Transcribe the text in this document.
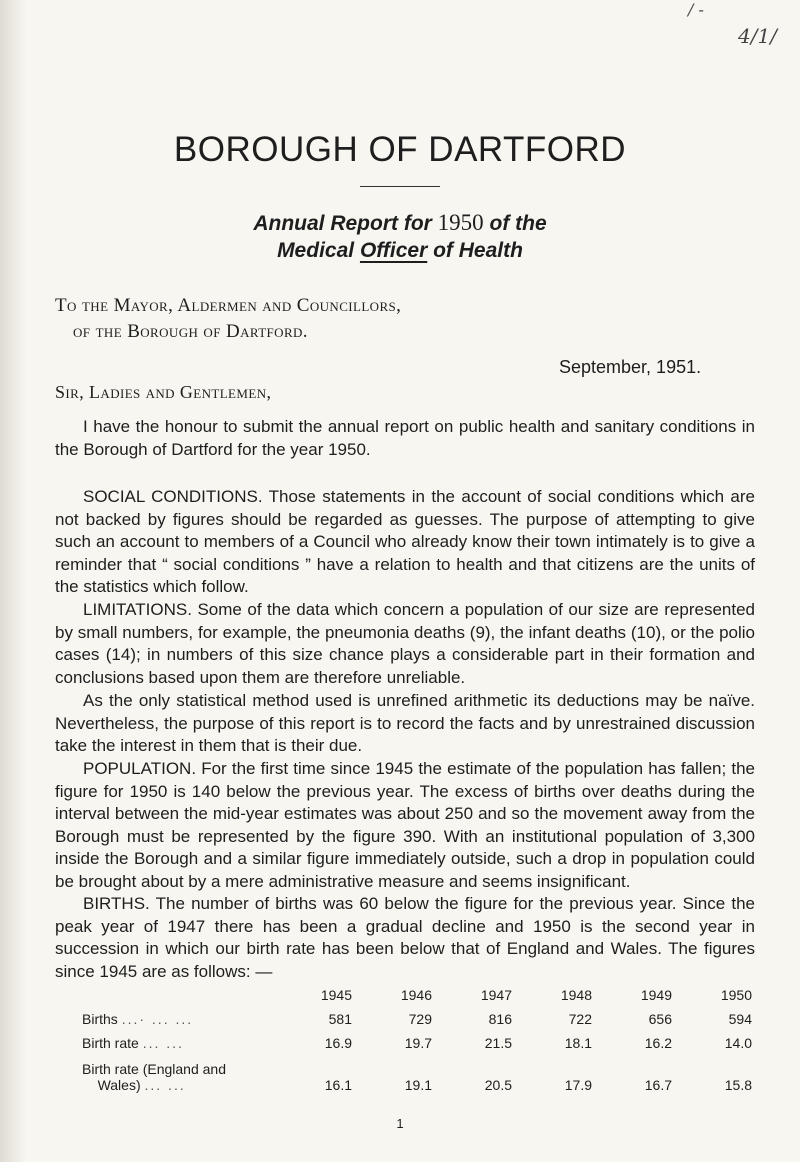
/ -
4/1/
BOROUGH OF DARTFORD

Annual Report for 1950 of the

Medical Officer of Health

To the Mayor, Aldermen and Councillors,

of the Borough of Dartford.

September, 1951.

Sir, Ladies and Gentlemen,

I have the honour to submit the annual report on public health and sanitary conditions in the Borough of Dartford for the year 1950.

SOCIAL CONDITIONS. Those statements in the account of social conditions which are not backed by figures should be regarded as guesses. The purpose of attempting to give such an account to members of a Council who already know their town intimately is to give a reminder that “ social conditions ” have a relation to health and that citizens are the units of the statistics which follow.

LIMITATIONS. Some of the data which concern a population of our size are represented by small numbers, for example, the pneumonia deaths (9), the infant deaths (10), or the polio cases (14); in numbers of this size chance plays a considerable part in their formation and conclusions based upon them are therefore unreliable.

As the only statistical method used is unrefined arithmetic its deductions may be naïve. Nevertheless, the purpose of this report is to record the facts and by unrestrained discussion take the interest in them that is their due.

POPULATION. For the first time since 1945 the estimate of the population has fallen; the figure for 1950 is 140 below the previous year. The excess of births over deaths during the interval between the mid-year estimates was about 250 and so the movement away from the Borough must be represented by the figure 390. With an institutional population of 3,300 inside the Borough and a similar figure immediately outside, such a drop in population could be brought about by a mere administrative measure and seems insignificant.

BIRTHS. The number of births was 60 below the figure for the previous year. Since the peak year of 1947 there has been a gradual decline and 1950 is the second year in succession in which our birth rate has been below that of England and Wales. The figures since 1945 are as follows: —

	1945	1946	1947	1948	1949	1950
Births ...· ... ...	581	729	816	722	656	594
Birth rate ... ...	16.9	19.7	21.5	18.1	16.2	14.0
Birth rate (England and
Wales) ... ...	16.1	19.1	20.5	17.9	16.7	15.8

1
